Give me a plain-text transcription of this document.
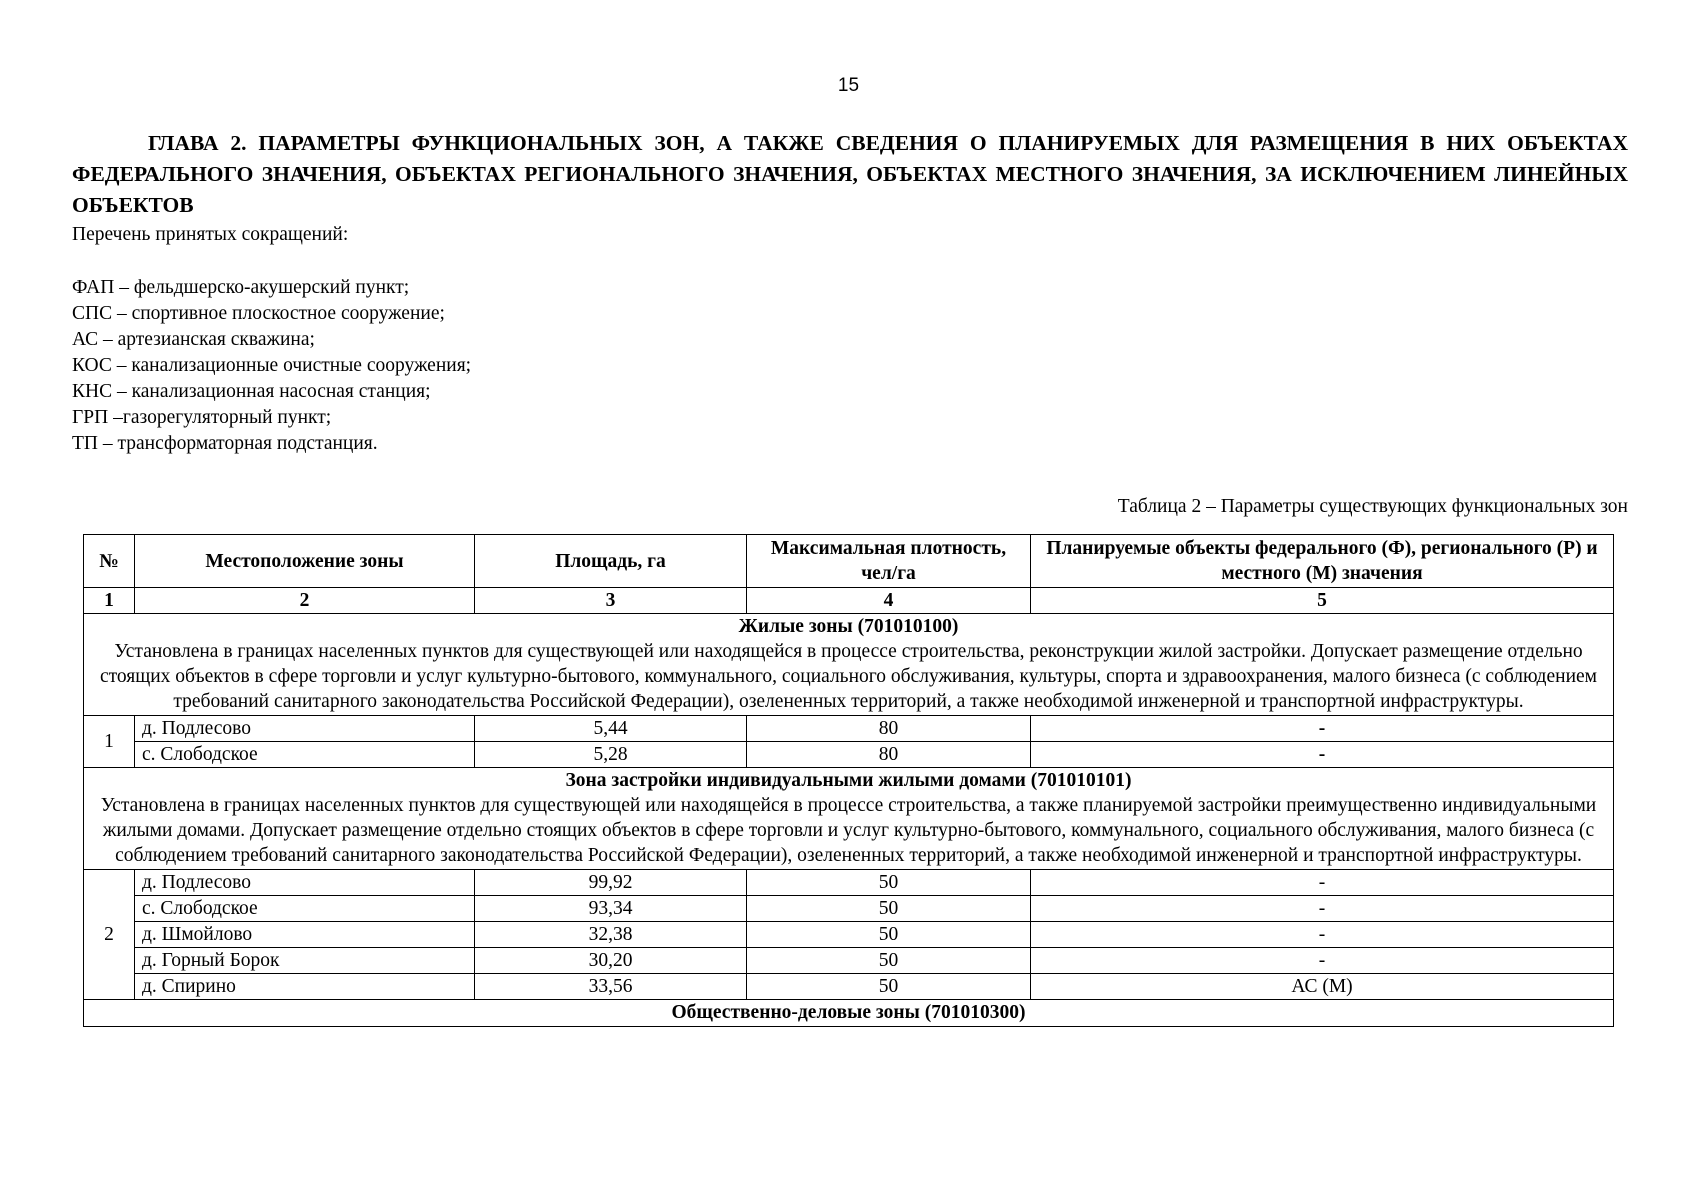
15

ГЛАВА 2. ПАРАМЕТРЫ ФУНКЦИОНАЛЬНЫХ ЗОН, А ТАКЖЕ СВЕДЕНИЯ О ПЛАНИРУЕМЫХ ДЛЯ РАЗМЕЩЕНИЯ В НИХ ОБЪЕКТАХ ФЕДЕРАЛЬНОГО ЗНАЧЕНИЯ, ОБЪЕКТАХ РЕГИОНАЛЬНОГО ЗНАЧЕНИЯ, ОБЪЕКТАХ МЕСТНОГО ЗНАЧЕНИЯ, ЗА ИСКЛЮЧЕНИЕМ ЛИНЕЙНЫХ ОБЪЕКТОВ

Перечень принятых сокращений:

ФАП – фельдшерско-акушерский пункт;

СПС – спортивное плоскостное сооружение;

АС – артезианская скважина;

КОС – канализационные очистные сооружения;

КНС – канализационная насосная станция;

ГРП –газорегуляторный пункт;

ТП – трансформаторная подстанция.

Таблица 2 – Параметры существующих функциональных зон
№	Местоположение зоны	Площадь, га	Максимальная плотность, чел/га	Планируемые объекты федерального (Ф), регионального (Р) и местного (М) значения
1	2	3	4	5

Жилые зоны (701010100)
Установлена в границах населенных пунктов для существующей или находящейся в процессе строительства, реконструкции жилой застройки. Допускает размещение отдельно стоящих объектов в сфере торговли и услуг культурно-бытового, коммунального, социального обслуживания, культуры, спорта и здравоохранения, малого бизнеса (с соблюдением требований санитарного законодательства Российской Федерации), озелененных территорий, а также необходимой инженерной и транспортной инфраструктуры.				

1	д. Подлесово	5,44	80	-
	с. Слободское	5,28	80	-

Зона застройки индивидуальными жилыми домами (701010101)
Установлена в границах населенных пунктов для существующей или находящейся в процессе строительства, а также планируемой застройки преимущественно индивидуальными жилыми домами. Допускает размещение отдельно стоящих объектов в сфере торговли и услуг культурно-бытового, коммунального, социального обслуживания, малого бизнеса (с соблюдением требований санитарного законодательства Российской Федерации), озелененных территорий, а также необходимой инженерной и транспортной инфраструктуры.				

2	д. Подлесово	99,92	50	-
	с. Слободское	93,34	50	-
	д. Шмойлово	32,38	50	-
	д. Горный Борок	30,20	50	-
	д. Спирино	33,56	50	АС (М)

Общественно-деловые зоны (701010300)				
